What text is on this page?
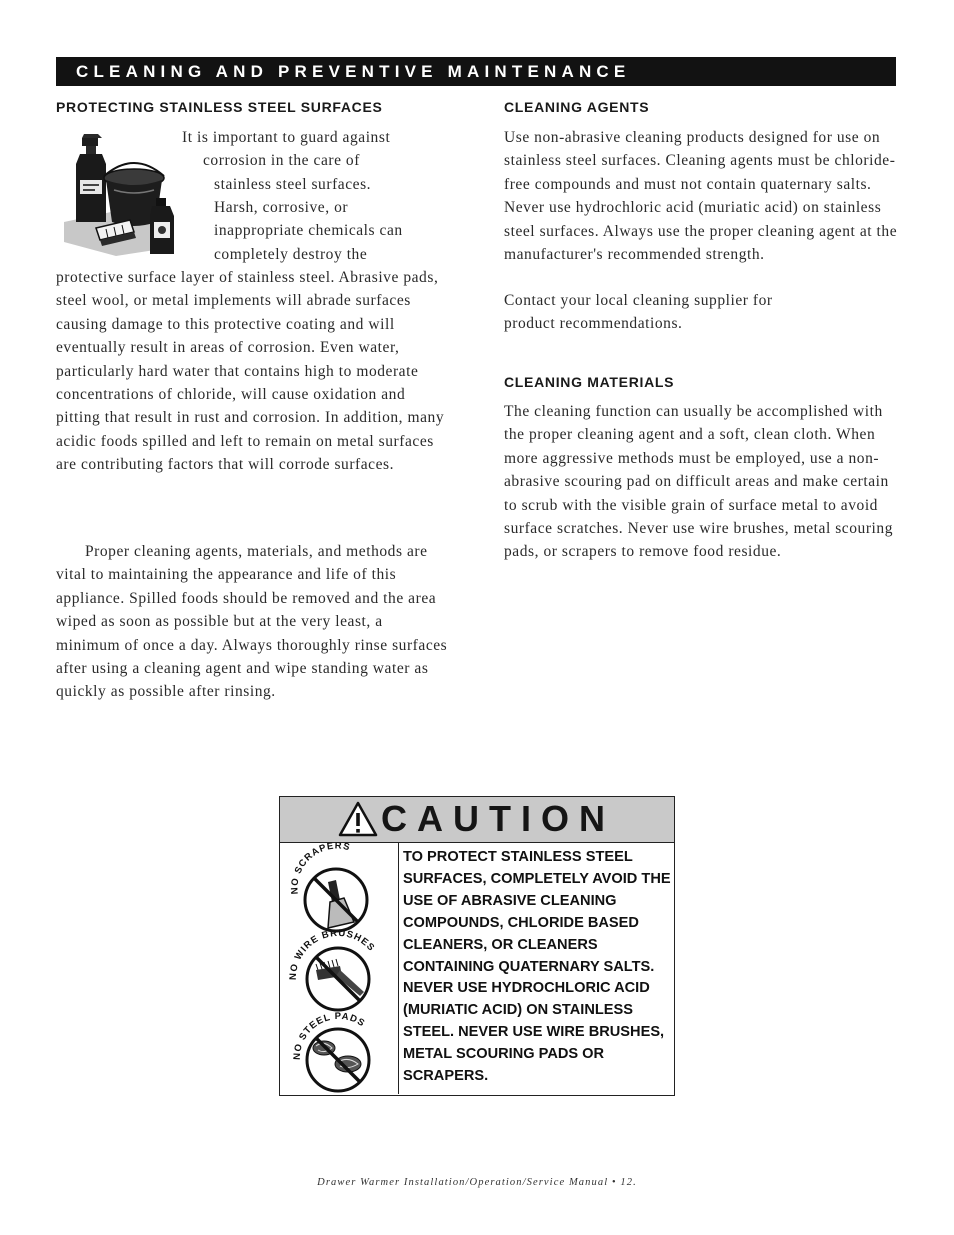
CLEANING AND PREVENTIVE MAINTENANCE
PROTECTING STAINLESS STEEL SURFACES

It is important to guard against

corrosion in the care of

stainless steel surfaces.

Harsh, corrosive, or

inappropriate chemicals can

completely destroy the

protective surface layer of stainless steel. Abrasive pads, steel wool, or metal implements will abrade surfaces causing damage to this protective coating and will eventually result in areas of corrosion. Even water, particularly hard water that contains high to moderate concentrations of chloride, will cause oxidation and pitting that result in rust and corrosion. In addition, many acidic foods spilled and left to remain on metal surfaces are contributing factors that will corrode surfaces.

Proper cleaning agents, materials, and methods are vital to maintaining the appearance and life of this appliance. Spilled foods should be removed and the area wiped as soon as possible but at the very least, a minimum of once a day. Always thoroughly rinse surfaces after using a cleaning agent and wipe standing water as quickly as possible after rinsing.

CLEANING AGENTS

Use non-abrasive cleaning products designed for use on stainless steel surfaces. Cleaning agents must be chloride-free compounds and must not contain quaternary salts. Never use hydrochloric acid (muriatic acid) on stainless steel surfaces. Always use the proper cleaning agent at the manufacturer's recommended strength.

Contact your local cleaning supplier for product recommendations.

CLEANING MATERIALS

The cleaning function can usually be accomplished with the proper cleaning agent and a soft, clean cloth. When more aggressive methods must be employed, use a non-abrasive scouring pad on difficult areas and make certain to scrub with the visible grain of surface metal to avoid surface scratches. Never use wire brushes, metal scouring pads, or scrapers to remove food residue.

CAUTION
NO SCRAPERS
NO WIRE BRUSHES
NO STEEL PADS
TO PROTECT STAINLESS STEEL SURFACES, COMPLETELY AVOID THE USE OF ABRASIVE CLEANING COMPOUNDS, CHLORIDE BASED CLEANERS, OR CLEANERS CONTAINING QUATERNARY SALTS. NEVER USE HYDROCHLORIC ACID (MURIATIC ACID) ON STAINLESS STEEL. NEVER USE WIRE BRUSHES, METAL SCOURING PADS OR SCRAPERS.
Drawer Warmer Installation/Operation/Service Manual • 12.
